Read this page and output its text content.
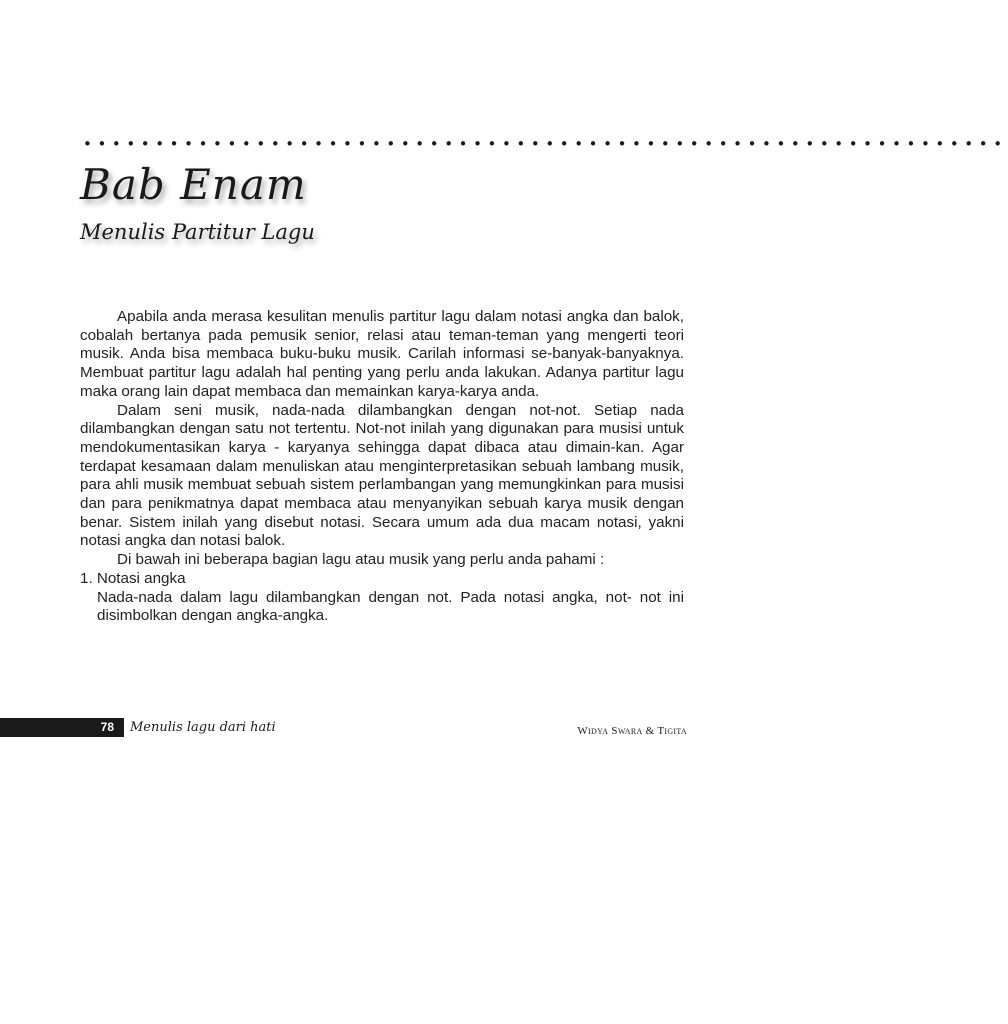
••••••••••••••••••••••••••••••••••••••••••••••••••••••••••••••••
Bab Enam
Menulis Partitur Lagu

Apabila anda merasa kesulitan menulis partitur lagu dalam notasi angka dan balok, cobalah bertanya pada pemusik senior, relasi atau teman-teman yang mengerti teori musik. Anda bisa membaca buku-buku musik. Carilah informasi se-banyak-banyaknya. Membuat partitur lagu adalah hal penting yang perlu anda lakukan. Adanya partitur lagu maka orang lain dapat membaca dan memainkan karya-karya anda.

Dalam seni musik, nada-nada dilambangkan dengan not-not. Setiap nada dilambangkan dengan satu not tertentu. Not-not inilah yang digunakan para musisi untuk mendokumentasikan karya - karyanya sehingga dapat dibaca atau dimain-kan. Agar terdapat kesamaan dalam menuliskan atau menginterpretasikan sebuah lambang musik, para ahli musik membuat sebuah sistem perlambangan yang memungkinkan para musisi dan para penikmatnya dapat membaca atau menyanyikan sebuah karya musik dengan benar. Sistem inilah yang disebut notasi. Secara umum ada dua macam notasi, yakni notasi angka dan notasi balok.

Di bawah ini beberapa bagian lagu atau musik yang perlu anda pahami :

1. Notasi angka
Nada-nada dalam lagu dilambangkan dengan not. Pada notasi angka, not- not ini disimbolkan dengan angka-angka.
78 Menulis lagu dari hati	Widya Swara & Tigita
